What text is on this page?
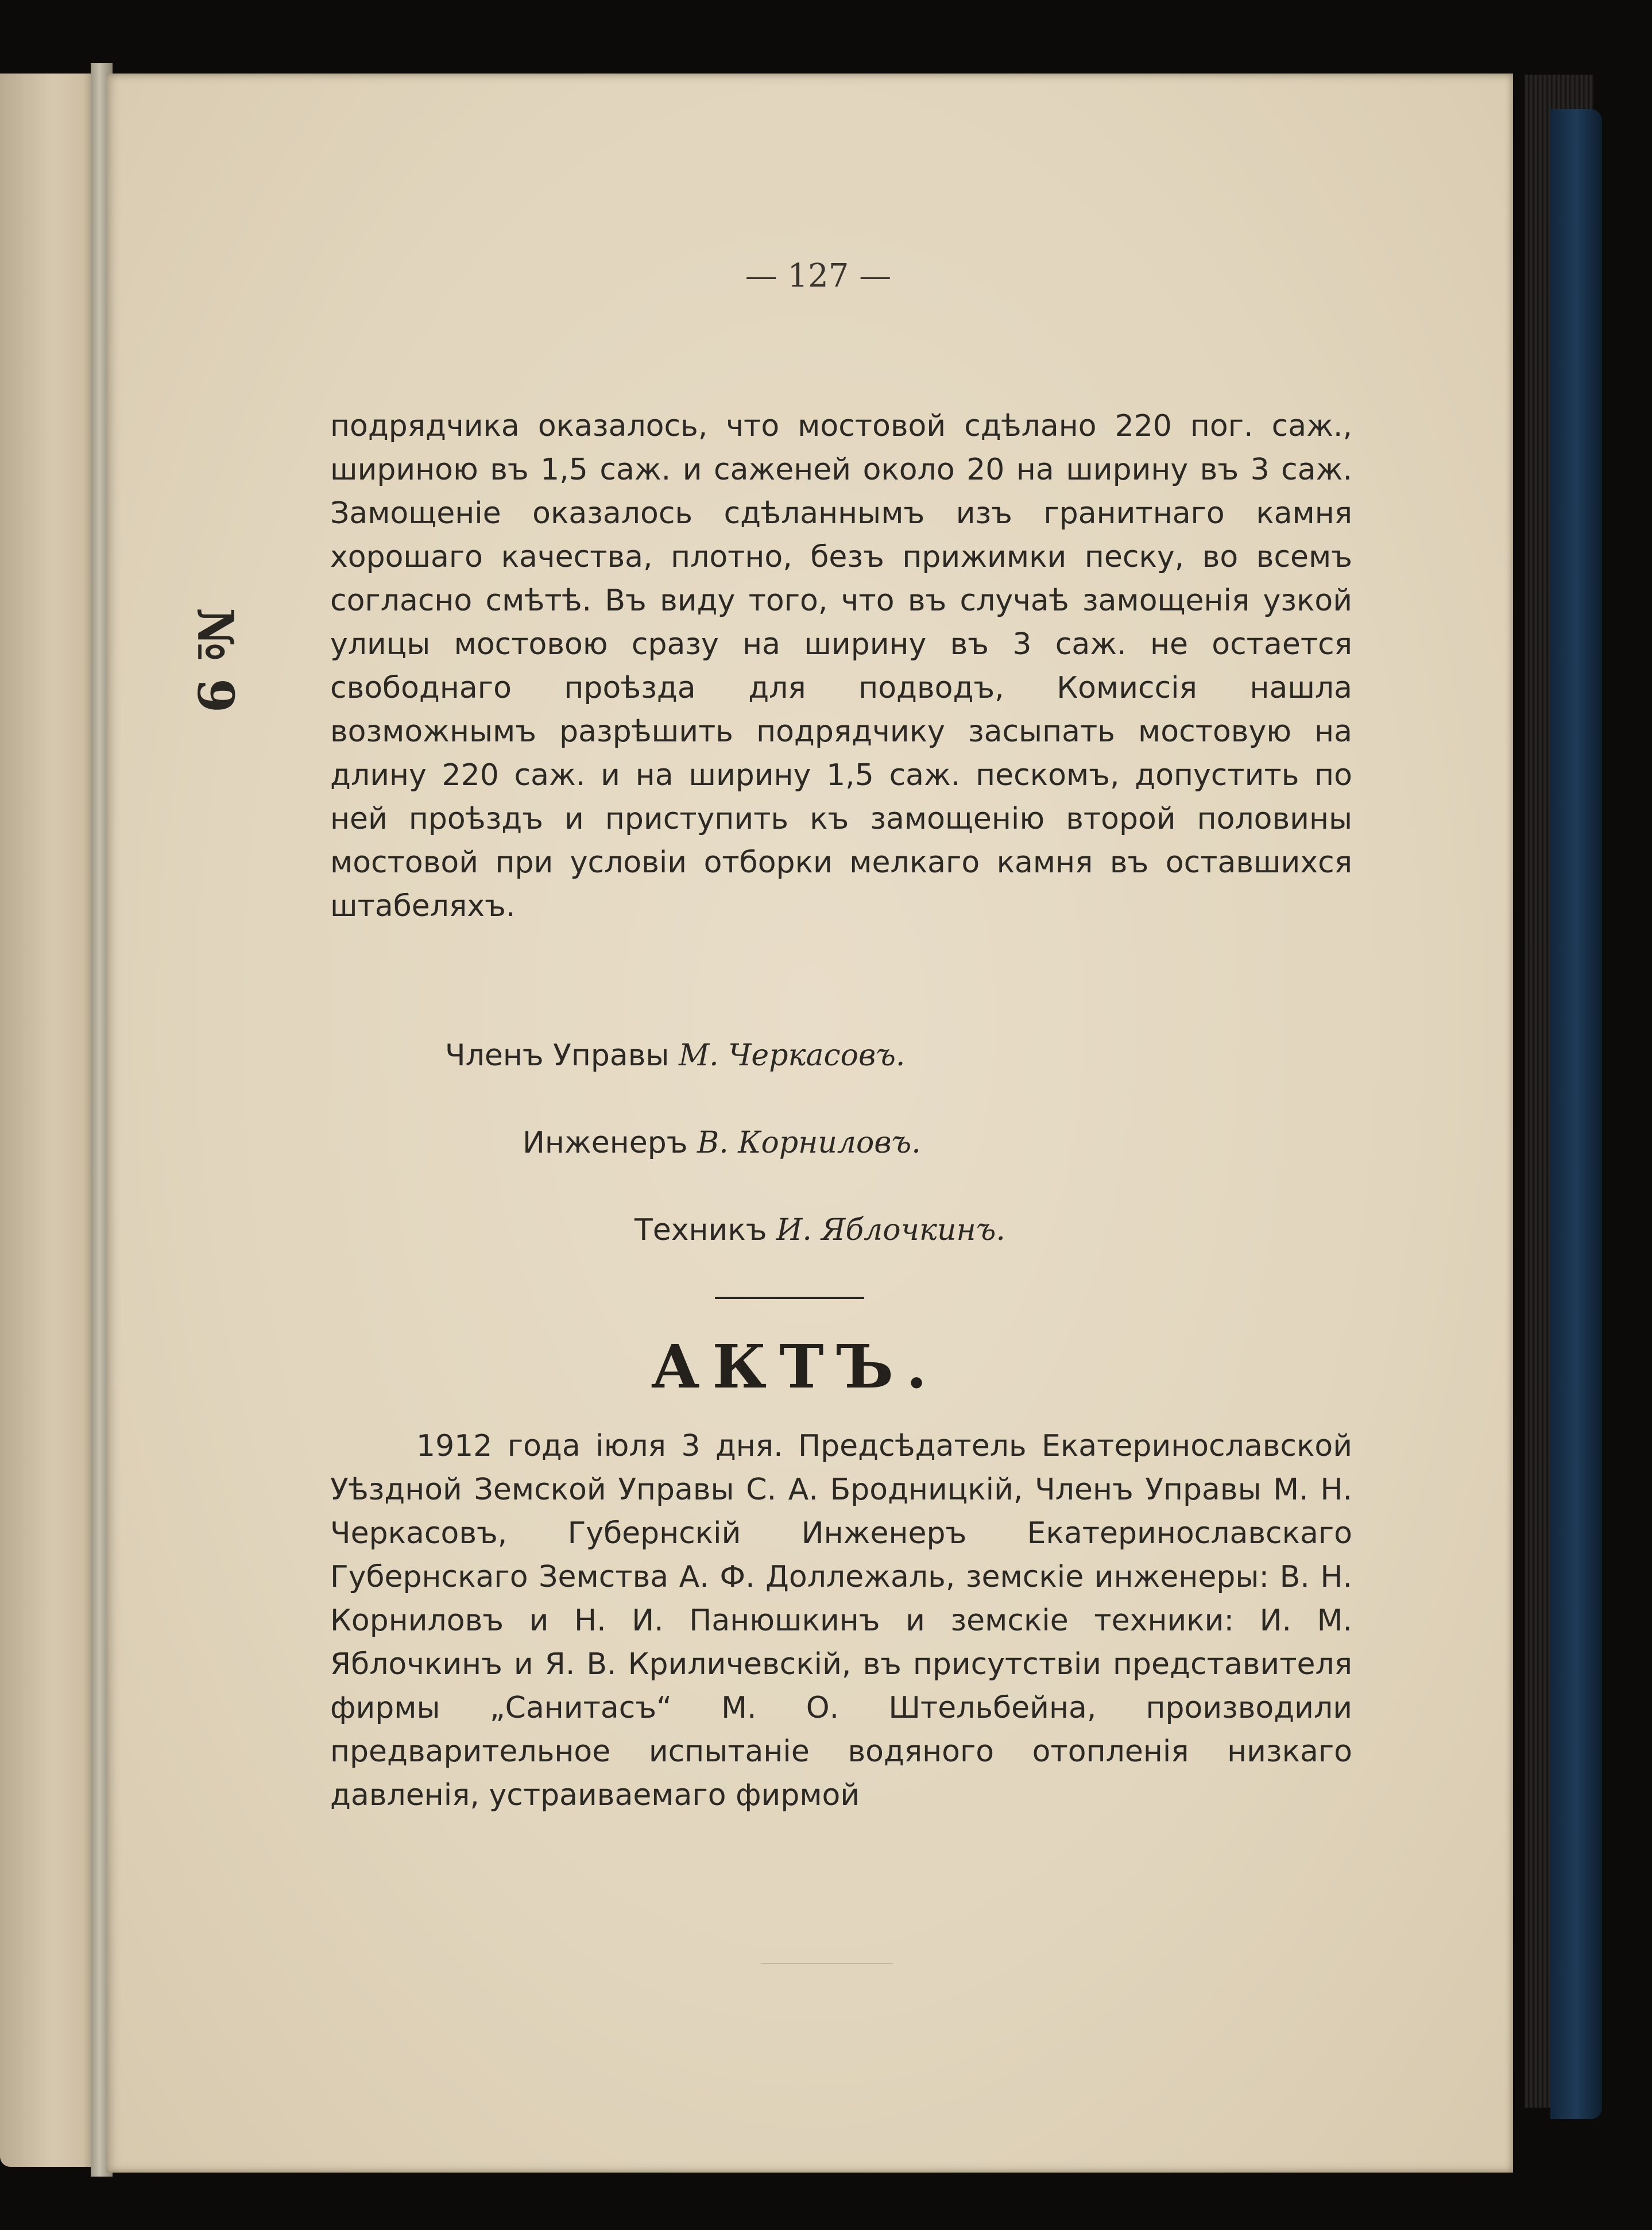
— 127 —
№ 9

подрядчика оказалось, что мостовой сдѣлано 220 пог. саж., шириною въ 1,5 саж. и саженей около 20 на ширину въ 3 саж. Замощенiе оказалось сдѣланнымъ изъ гранитнаго камня хорошаго качества, плотно, безъ прижимки песку, во всемъ согласно смѣтѣ. Въ виду того, что въ случаѣ замощенiя узкой улицы мостовою сразу на ширину въ 3 саж. не остается свободнаго проѣзда для подводъ, Комиссiя нашла возможнымъ разрѣшить подрядчику засыпать мостовую на длину 220 саж. и на ширину 1,5 саж. пескомъ, допустить по ней проѣздъ и приступить къ замощенiю второй половины мостовой при условiи отборки мелкаго камня въ оставшихся штабеляхъ.

Членъ Управы М. Черкасовъ.
Инженеръ В. Корниловъ.
Техникъ И. Яблочкинъ.
АКТЪ.

1912 года iюля 3 дня. Предсѣдатель Екатеринославской Уѣздной Земской Управы С. А. Бродницкiй, Членъ Управы М. Н. Черкасовъ, Губернскiй Инженеръ Екатеринославскаго Губернскаго Земства А. Ф. Доллежаль, земскiе инженеры: В. Н. Корниловъ и Н. И. Панюшкинъ и земскiе техники: И. М. Яблочкинъ и Я. В. Криличевскiй, въ присутствiи представителя фирмы „Санитасъ“ М. О. Штельбейна, производили предварительное испытанiе водяного отопленiя низкаго давленiя, устраиваемаго фирмой
